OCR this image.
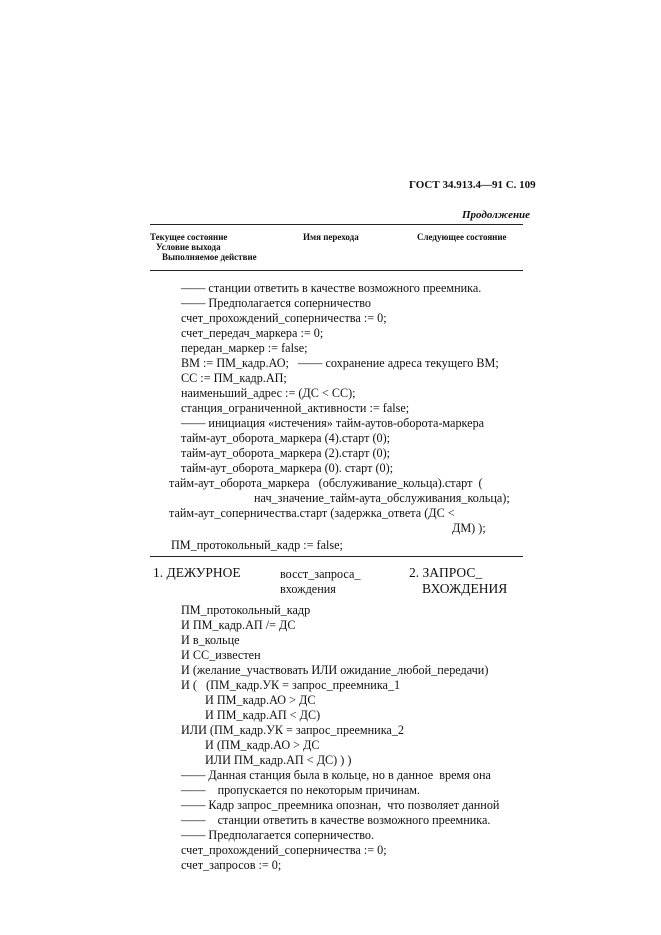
ГОСТ 34.913.4—91 С. 109
Продолжение
Текущее состояние
Условие выхода
Выполняемое действие
Имя перехода	Следующее состояние
—— станции ответить в качестве возможного преемника.
—— Предполагается соперничество
счет_прохождений_соперничества := 0;
счет_передач_маркера := 0;
передан_маркер := false;
ВМ := ПМ_кадр.АО;   —— сохранение адреса текущего ВМ;
СС := ПМ_кадр.АП;
наименьший_адрес := (ДС < СС);
станция_ограниченной_активности := false;
—— инициация «истечения» тайм-аутов-оборота-маркера
тайм-аут_оборота_маркера (4).старт (0);
тайм-аут_оборота_маркера (2).старт (0);
тайм-аут_оборота_маркера (0). старт (0);
тайм-аут_оборота_маркера   (обслуживание_кольца).старт  (
нач_значение_тайм-аута_обслуживания_кольца);
тайм-аут_соперничества.старт (задержка_ответа (ДС <
ДМ) );
ПМ_протокольный_кадр := false;
1. ДЕЖУРНОЕ	восст_запроса_
вхождения
2. ЗАПРОС_
ВХОЖДЕНИЯ
ПМ_протокольный_кадр
И ПМ_кадр.АП /= ДС
И в_кольце
И СС_известен
И (желание_участвовать ИЛИ ожидание_любой_передачи)
И (   (ПМ_кадр.УК = запрос_преемника_1
И ПМ_кадр.АО > ДС
И ПМ_кадр.АП < ДС)
ИЛИ (ПМ_кадр.УК = запрос_преемника_2
И (ПМ_кадр.АО > ДС
ИЛИ ПМ_кадр.АП < ДС) ) )
—— Данная станция была в кольце, но в данное  время она
——    пропускается по некоторым причинам.
—— Кадр запрос_преемника опознан,  что позволяет данной
——    станции ответить в качестве возможного преемника.
—— Предполагается соперничество.
счет_прохождений_соперничества := 0;
счет_запросов := 0;
